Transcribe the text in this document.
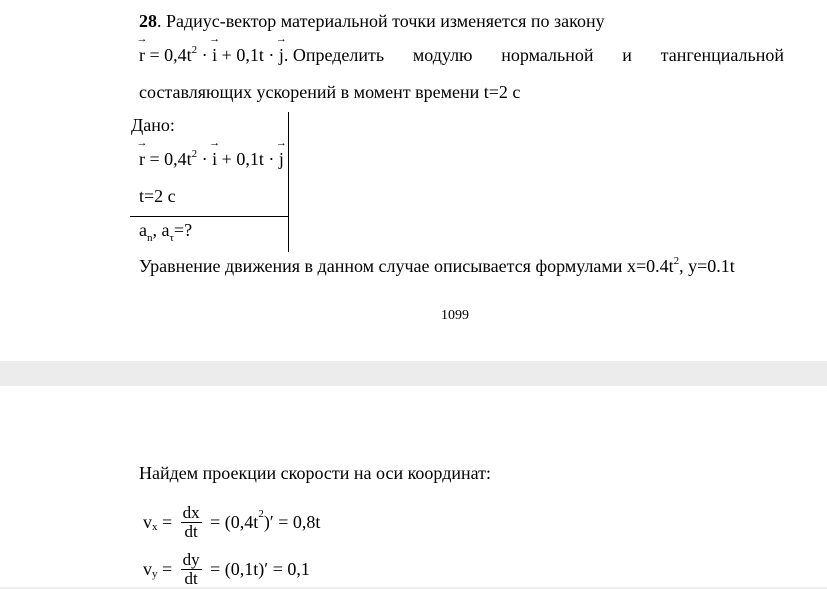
28. Радиус-вектор материальной точки изменяется по закону
→ $r = 0,4t^2$ · → i + 0,1t · → j. Определить модулю нормальной и тангенциальной
составляющих ускорений в момент времени t=2 с
Дано:
→ $r = 0,4t^2$ · → i + 0,1t · → j
t=2 с
$a_n$, $a_\tau=$?
Уравнение движения в данном случае описывается формулами $x=0.4t^2$, y=0.1t
1099
Найдем проекции скорости на оси координат:
$v_x = \frac{dx}{dt} = (0,4t^2$ )′ = 0,8t
$v_y = \frac{dy}{dt} = (0,1t)' = 0,1$
